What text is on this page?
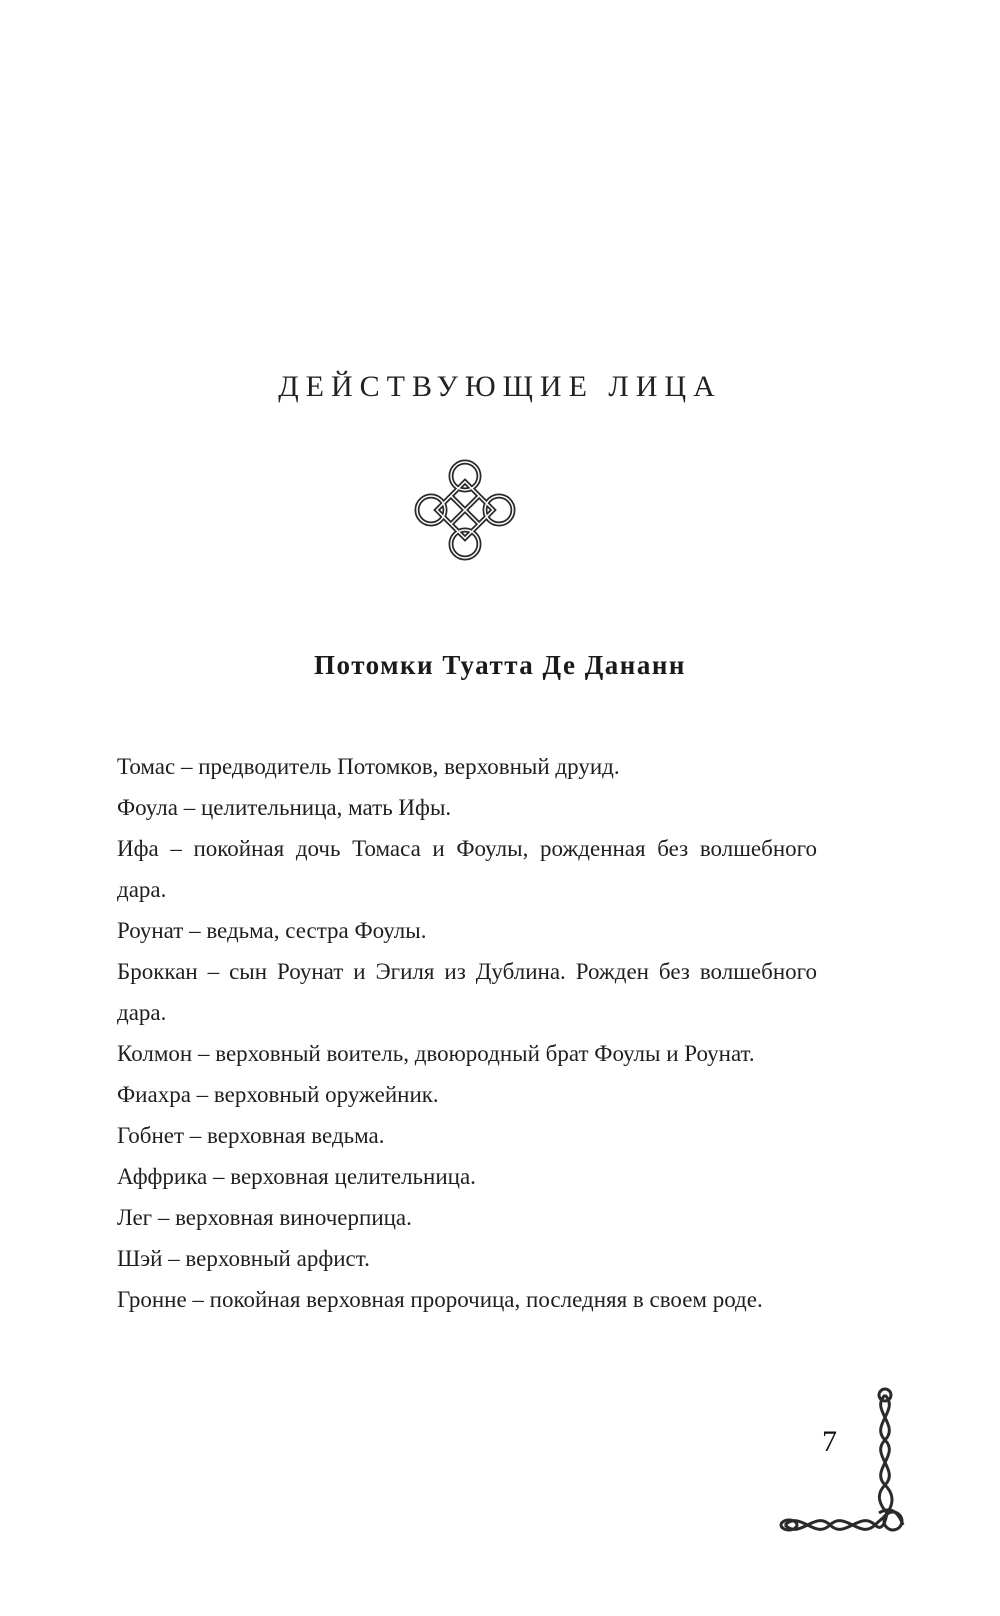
ДЕЙСТВУЮЩИЕ ЛИЦА
Потомки Туатта Де Дананн

Томас – предводитель Потомков, верховный друид.

Фоула – целительница, мать Ифы.

Ифа – покойная дочь Томаса и Фоулы, рожденная без волшебного дара.

Роунат – ведьма, сестра Фоулы.

Броккан – сын Роунат и Эгиля из Дублина. Рожден без волшебного дара.

Колмон – верховный воитель, двоюродный брат Фоулы и Роунат.

Фиахра – верховный оружейник.

Гобнет – верховная ведьма.

Аффрика – верховная целительница.

Лег – верховная виночерпица.

Шэй – верховный арфист.

Гронне – покойная верховная пророчица, последняя в своем роде.

7
